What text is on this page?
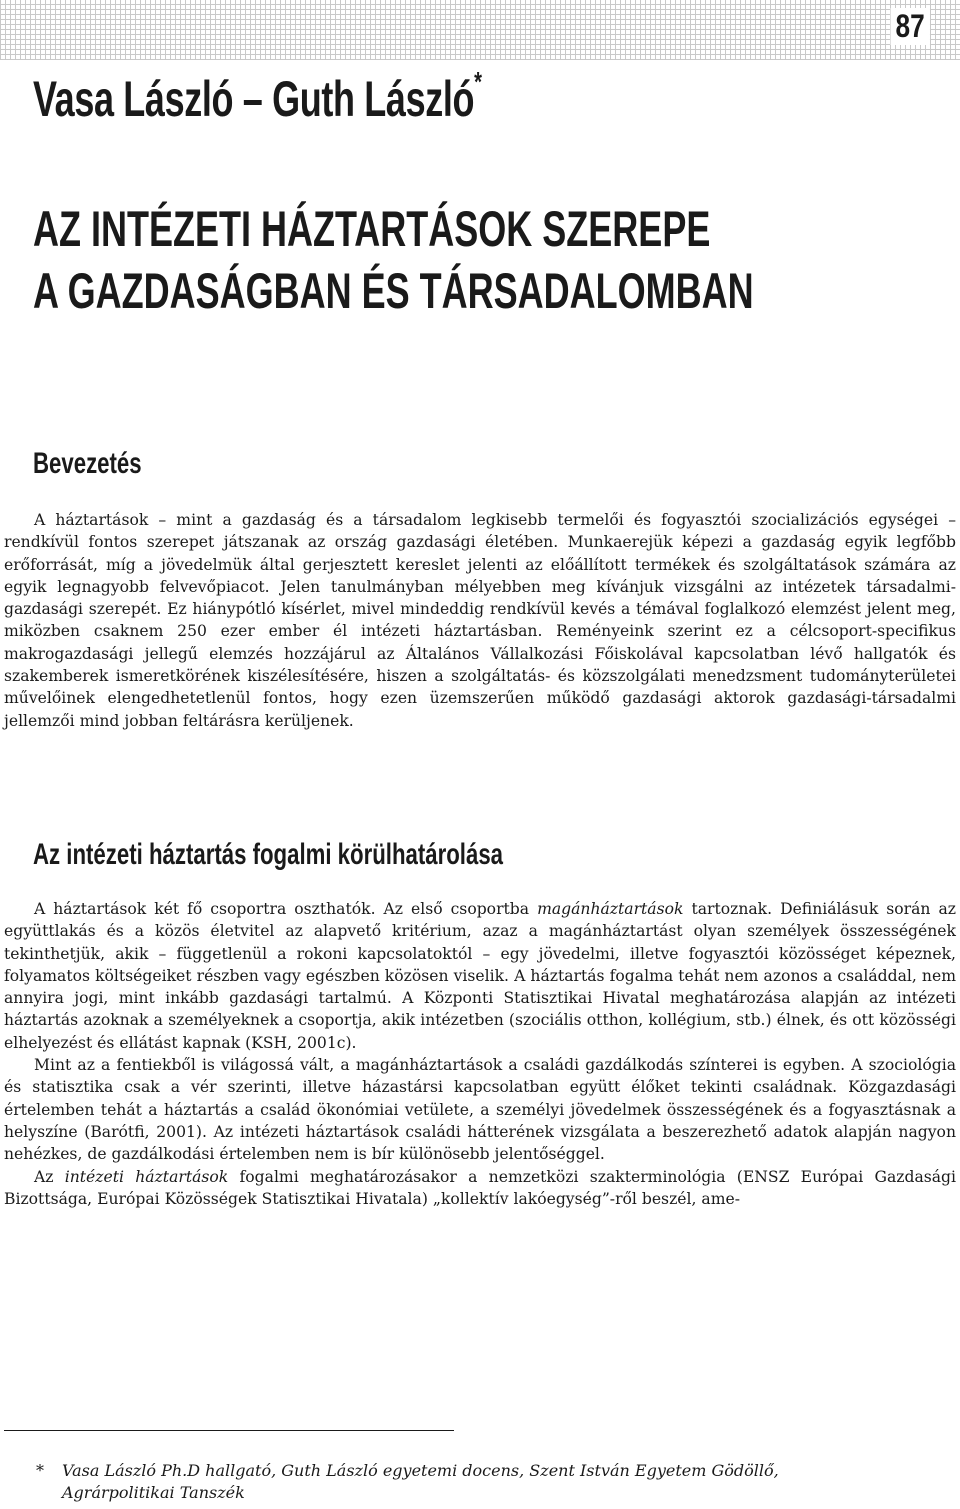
87
Vasa László – Guth László*
AZ INTÉZETI HÁZTARTÁSOK SZEREPE
A GAZDASÁGBAN ÉS TÁRSADALOMBAN
Bevezetés

A háztartások – mint a gazdaság és a társadalom legkisebb termelői és fogyasztói szocializációs egységei – rendkívül fontos szerepet játszanak az ország gazdasági életében. Munkaerejük képezi a gazdaság egyik legfőbb erőforrását, míg a jövedelmük által gerjesztett kereslet jelenti az előállított termékek és szolgáltatások számára az egyik legnagyobb felvevőpiacot. Jelen tanulmányban mélyebben meg kívánjuk vizsgálni az intézetek társadalmi-gazdasági szerepét. Ez hiánypótló kísérlet, mivel mindeddig rendkívül kevés a témával foglalkozó elemzést jelent meg, miközben csaknem 250 ezer ember él intézeti háztartásban. Reményeink szerint ez a célcsoport-specifikus makrogazdasági jellegű elemzés hozzájárul az Általános Vállalkozási Főiskolával kapcsolatban lévő hallgatók és szakemberek ismeretkörének kiszélesítésére, hiszen a szolgáltatás- és közszolgálati menedzsment tudományterületei művelőinek elengedhetetlenül fontos, hogy ezen üzemszerűen működő gazdasági aktorok gazdasági-társadalmi jellemzői mind jobban feltárásra kerüljenek.

Az intézeti háztartás fogalmi körülhatárolása

A háztartások két fő csoportra oszthatók. Az első csoportba magánháztartások tartoznak. Definiálásuk során az együttlakás és a közös életvitel az alapvető kritérium, azaz a magánháztartást olyan személyek összességének tekinthetjük, akik – függetlenül a rokoni kapcsolatoktól – egy jövedelmi, illetve fogyasztói közösséget képeznek, folyamatos költségeiket részben vagy egészben közösen viselik. A háztartás fogalma tehát nem azonos a családdal, nem annyira jogi, mint inkább gazdasági tartalmú. A Központi Statisztikai Hivatal meghatározása alapján az intézeti háztartás azoknak a személyeknek a csoportja, akik intézetben (szociális otthon, kollégium, stb.) élnek, és ott közösségi elhelyezést és ellátást kapnak (KSH, 2001c).

Mint az a fentiekből is világossá vált, a magánháztartások a családi gazdálkodás színterei is egyben. A szociológia és statisztika csak a vér szerinti, illetve házastársi kapcsolatban együtt élőket tekinti családnak. Közgazdasági értelemben tehát a háztartás a család ökonómiai vetülete, a személyi jövedelmek összességének és a fogyasztásnak a helyszíne (Barótfi, 2001). Az intézeti háztartások családi hátterének vizsgálata a beszerezhető adatok alapján nagyon nehézkes, de gazdálkodási értelemben nem is bír különösebb jelentőséggel.

Az intézeti háztartások fogalmi meghatározásakor a nemzetközi szakterminológia (ENSZ Európai Gazdasági Bizottsága, Európai Közösségek Statisztikai Hivatala) „kollektív lakóegység”-ről beszél, ame-

* Vasa László Ph.D hallgató, Guth László egyetemi docens, Szent István Egyetem Gödöllő,
Agrárpolitikai Tanszék
